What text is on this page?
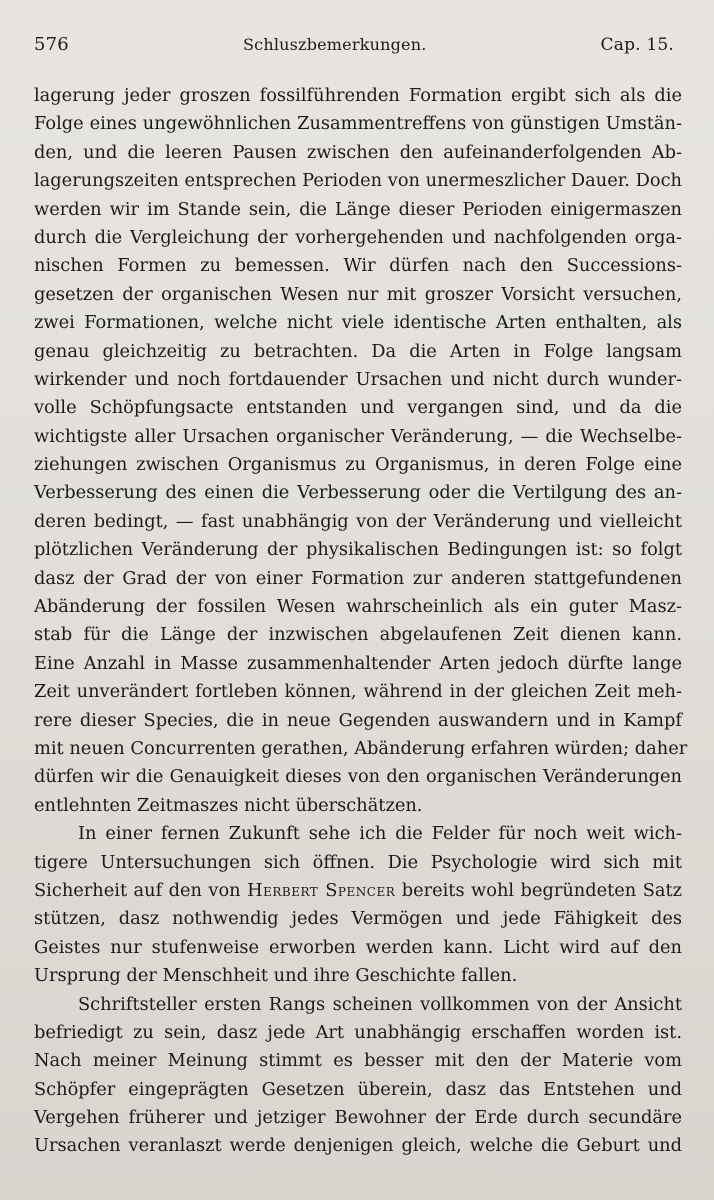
576	Schluszbemerkungen.	Cap. 15.
lagerung jeder groszen fossilführenden Formation ergibt sich als die
Folge eines ungewöhnlichen Zusammentreffens von günstigen Umstän-
den, und die leeren Pausen zwischen den aufeinanderfolgenden Ab-
lagerungszeiten entsprechen Perioden von unermeszlicher Dauer. Doch
werden wir im Stande sein, die Länge dieser Perioden einigermaszen
durch die Vergleichung der vorhergehenden und nachfolgenden orga-
nischen Formen zu bemessen. Wir dürfen nach den Successions-
gesetzen der organischen Wesen nur mit groszer Vorsicht versuchen,
zwei Formationen, welche nicht viele identische Arten enthalten, als
genau gleichzeitig zu betrachten. Da die Arten in Folge langsam
wirkender und noch fortdauender Ursachen und nicht durch wunder-
volle Schöpfungsacte entstanden und vergangen sind, und da die
wichtigste aller Ursachen organischer Veränderung, — die Wechselbe-
ziehungen zwischen Organismus zu Organismus, in deren Folge eine
Verbesserung des einen die Verbesserung oder die Vertilgung des an-
deren bedingt, — fast unabhängig von der Veränderung und vielleicht
plötzlichen Veränderung der physikalischen Bedingungen ist: so folgt
dasz der Grad der von einer Formation zur anderen stattgefundenen
Abänderung der fossilen Wesen wahrscheinlich als ein guter Masz-
stab für die Länge der inzwischen abgelaufenen Zeit dienen kann.
Eine Anzahl in Masse zusammenhaltender Arten jedoch dürfte lange
Zeit unverändert fortleben können, während in der gleichen Zeit meh-
rere dieser Species, die in neue Gegenden auswandern und in Kampf
mit neuen Concurrenten gerathen, Abänderung erfahren würden; daher
dürfen wir die Genauigkeit dieses von den organischen Veränderungen
entlehnten Zeitmaszes nicht überschätzen.
In einer fernen Zukunft sehe ich die Felder für noch weit wich-
tigere Untersuchungen sich öffnen. Die Psychologie wird sich mit
Sicherheit auf den von Herbert Spencer bereits wohl begründeten Satz
stützen, dasz nothwendig jedes Vermögen und jede Fähigkeit des
Geistes nur stufenweise erworben werden kann. Licht wird auf den
Ursprung der Menschheit und ihre Geschichte fallen.
Schriftsteller ersten Rangs scheinen vollkommen von der Ansicht
befriedigt zu sein, dasz jede Art unabhängig erschaffen worden ist.
Nach meiner Meinung stimmt es besser mit den der Materie vom
Schöpfer eingeprägten Gesetzen überein, dasz das Entstehen und
Vergehen früherer und jetziger Bewohner der Erde durch secundäre
Ursachen veranlaszt werde denjenigen gleich, welche die Geburt und
